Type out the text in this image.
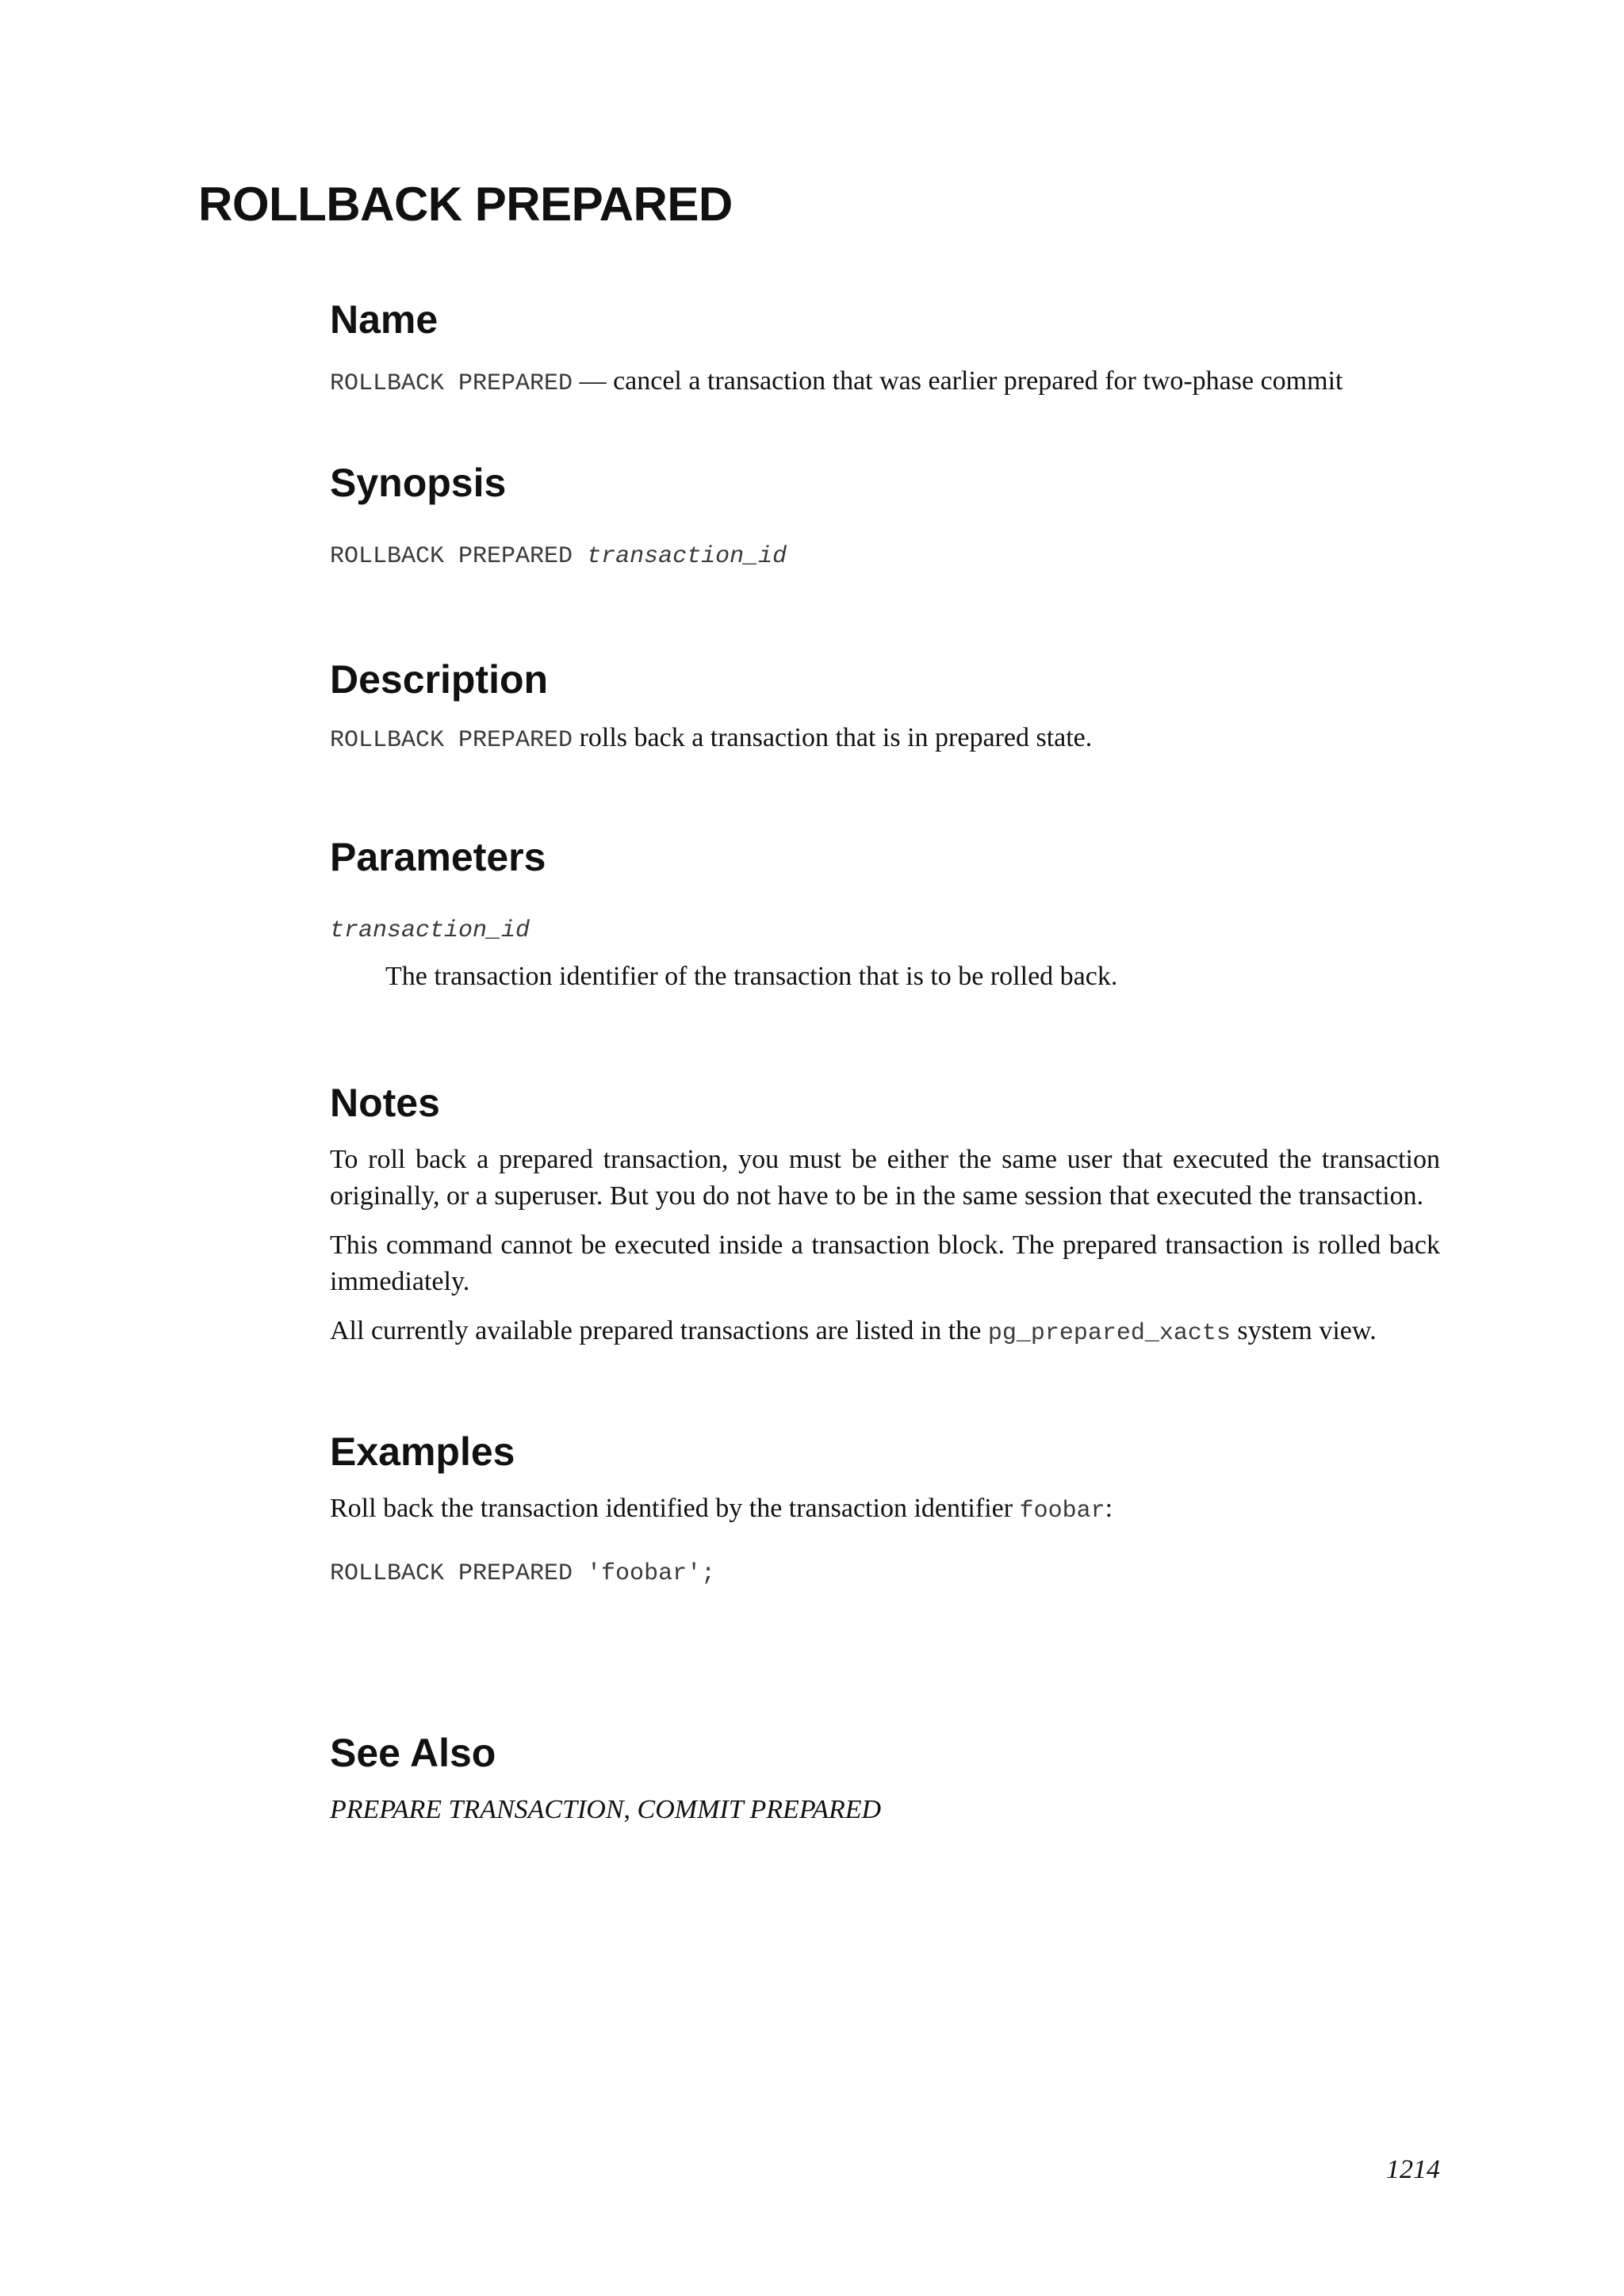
ROLLBACK PREPARED
Name

ROLLBACK PREPARED — cancel a transaction that was earlier prepared for two-phase commit

Synopsis

ROLLBACK PREPARED transaction_id

Description

ROLLBACK PREPARED rolls back a transaction that is in prepared state.

Parameters

transaction_id

The transaction identifier of the transaction that is to be rolled back.

Notes

To roll back a prepared transaction, you must be either the same user that executed the transaction originally, or a superuser. But you do not have to be in the same session that executed the transaction.

This command cannot be executed inside a transaction block. The prepared transaction is rolled back immediately.

All currently available prepared transactions are listed in the pg_prepared_xacts system view.

Examples

Roll back the transaction identified by the transaction identifier foobar:

ROLLBACK PREPARED 'foobar';

See Also

PREPARE TRANSACTION, COMMIT PREPARED

1214
